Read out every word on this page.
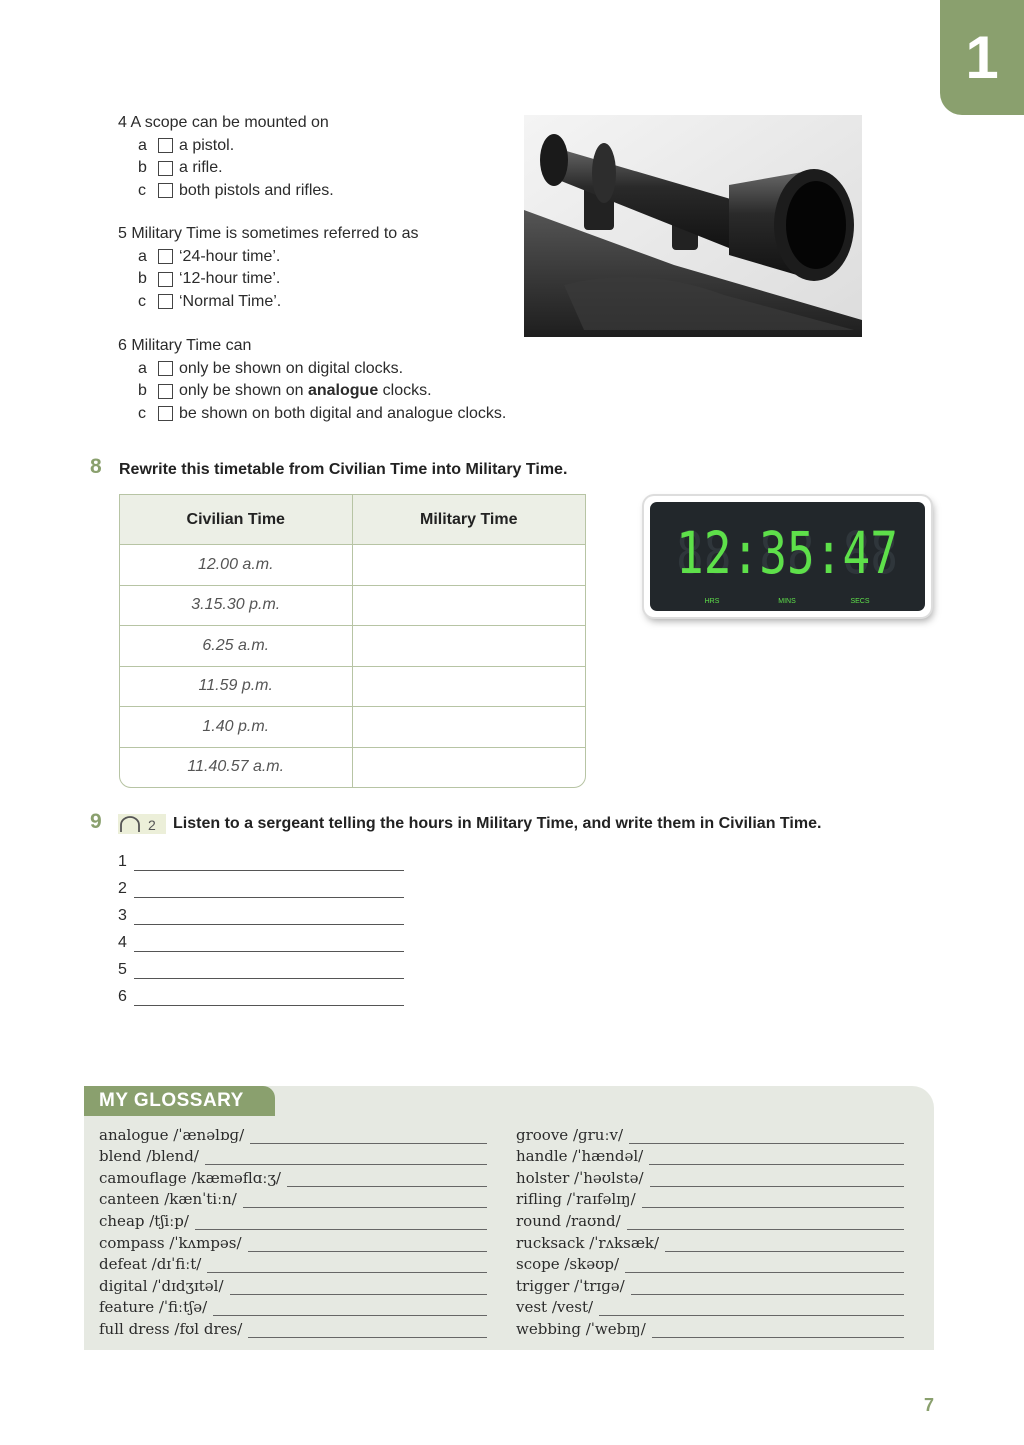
1
4 A scope can be mounted on
a	a pistol.
b	a rifle.
c	both pistols and rifles.
5 Military Time is sometimes referred to as
a	‘24-hour time’.
b	‘12-hour time’.
c	‘Normal Time’.
6 Military Time can
a	only be shown on digital clocks.
b	only be shown on analogue clocks.
c	be shown on both digital and analogue clocks.
8 Rewrite this timetable from Civilian Time into Military Time.
Civilian Time	Military Time
12.00 a.m.	
3.15.30 p.m.	
6.25 a.m.	
11.59 p.m.	
1.40 p.m.	
11.40.57 a.m.	
88:88:88
12:35:47
HRS	MINS	SECS
9	2 Listen to a sergeant telling the hours in Military Time, and write them in Civilian Time.
1
2
3
4
5
6
MY GLOSSARY
analogue /ˈænəlɒɡ/
blend /blend/
camouflage /kæməflɑːʒ/
canteen /kænˈtiːn/
cheap /tʃiːp/
compass /ˈkʌmpəs/
defeat /dɪˈfiːt/
digital /ˈdɪdʒɪtəl/
feature /ˈfiːtʃə/
full dress /fʊl dres/
groove /ɡruːv/
handle /ˈhændəl/
holster /ˈhəʊlstə/
rifling /ˈraɪfəlɪŋ/
round /raʊnd/
rucksack /ˈrʌksæk/
scope /skəʊp/
trigger /ˈtrɪɡə/
vest /vest/
webbing /ˈwebɪŋ/
7
